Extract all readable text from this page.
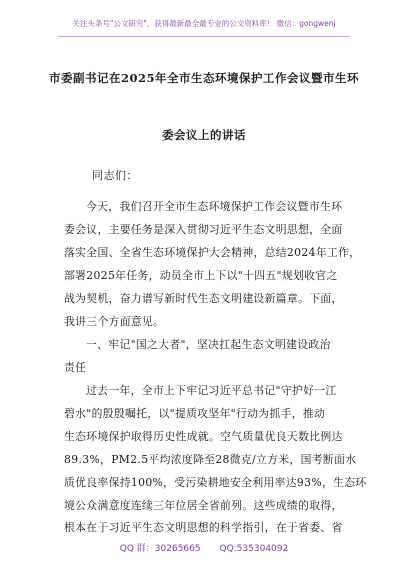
关注头条号"公文研究"，获得最新最全最专业的公文资料库！ 微信：gongwenj
市委副书记在2025年全市生态环境保护工作会议暨市生环
委会议上的讲话
同志们：
今天，我们召开全市生态环境保护工作会议暨市生环
委会议，主要任务是深入贯彻习近平生态文明思想，全面
落实全国、全省生态环境保护大会精神，总结2024年工作，
部署2025年任务，动员全市上下以"十四五"规划收官之
战为契机，奋力谱写新时代生态文明建设新篇章。下面，
我讲三个方面意见。
一、牢记"国之大者"，坚决扛起生态文明建设政治
责任
过去一年，全市上下牢记习近平总书记"守护好一江
碧水"的殷殷嘱托，以"提质攻坚年"行动为抓手，推动
生态环境保护取得历史性成就。空气质量优良天数比例达
89.3%，PM2.5平均浓度降至28微克/立方米，国考断面水
质优良率保持100%，受污染耕地安全利用率达93%，生态环
境公众满意度连续三年位居全省前列。这些成绩的取得，
根本在于习近平生态文明思想的科学指引，在于省委、省
QQ 群：30265665 QQ:535304092
